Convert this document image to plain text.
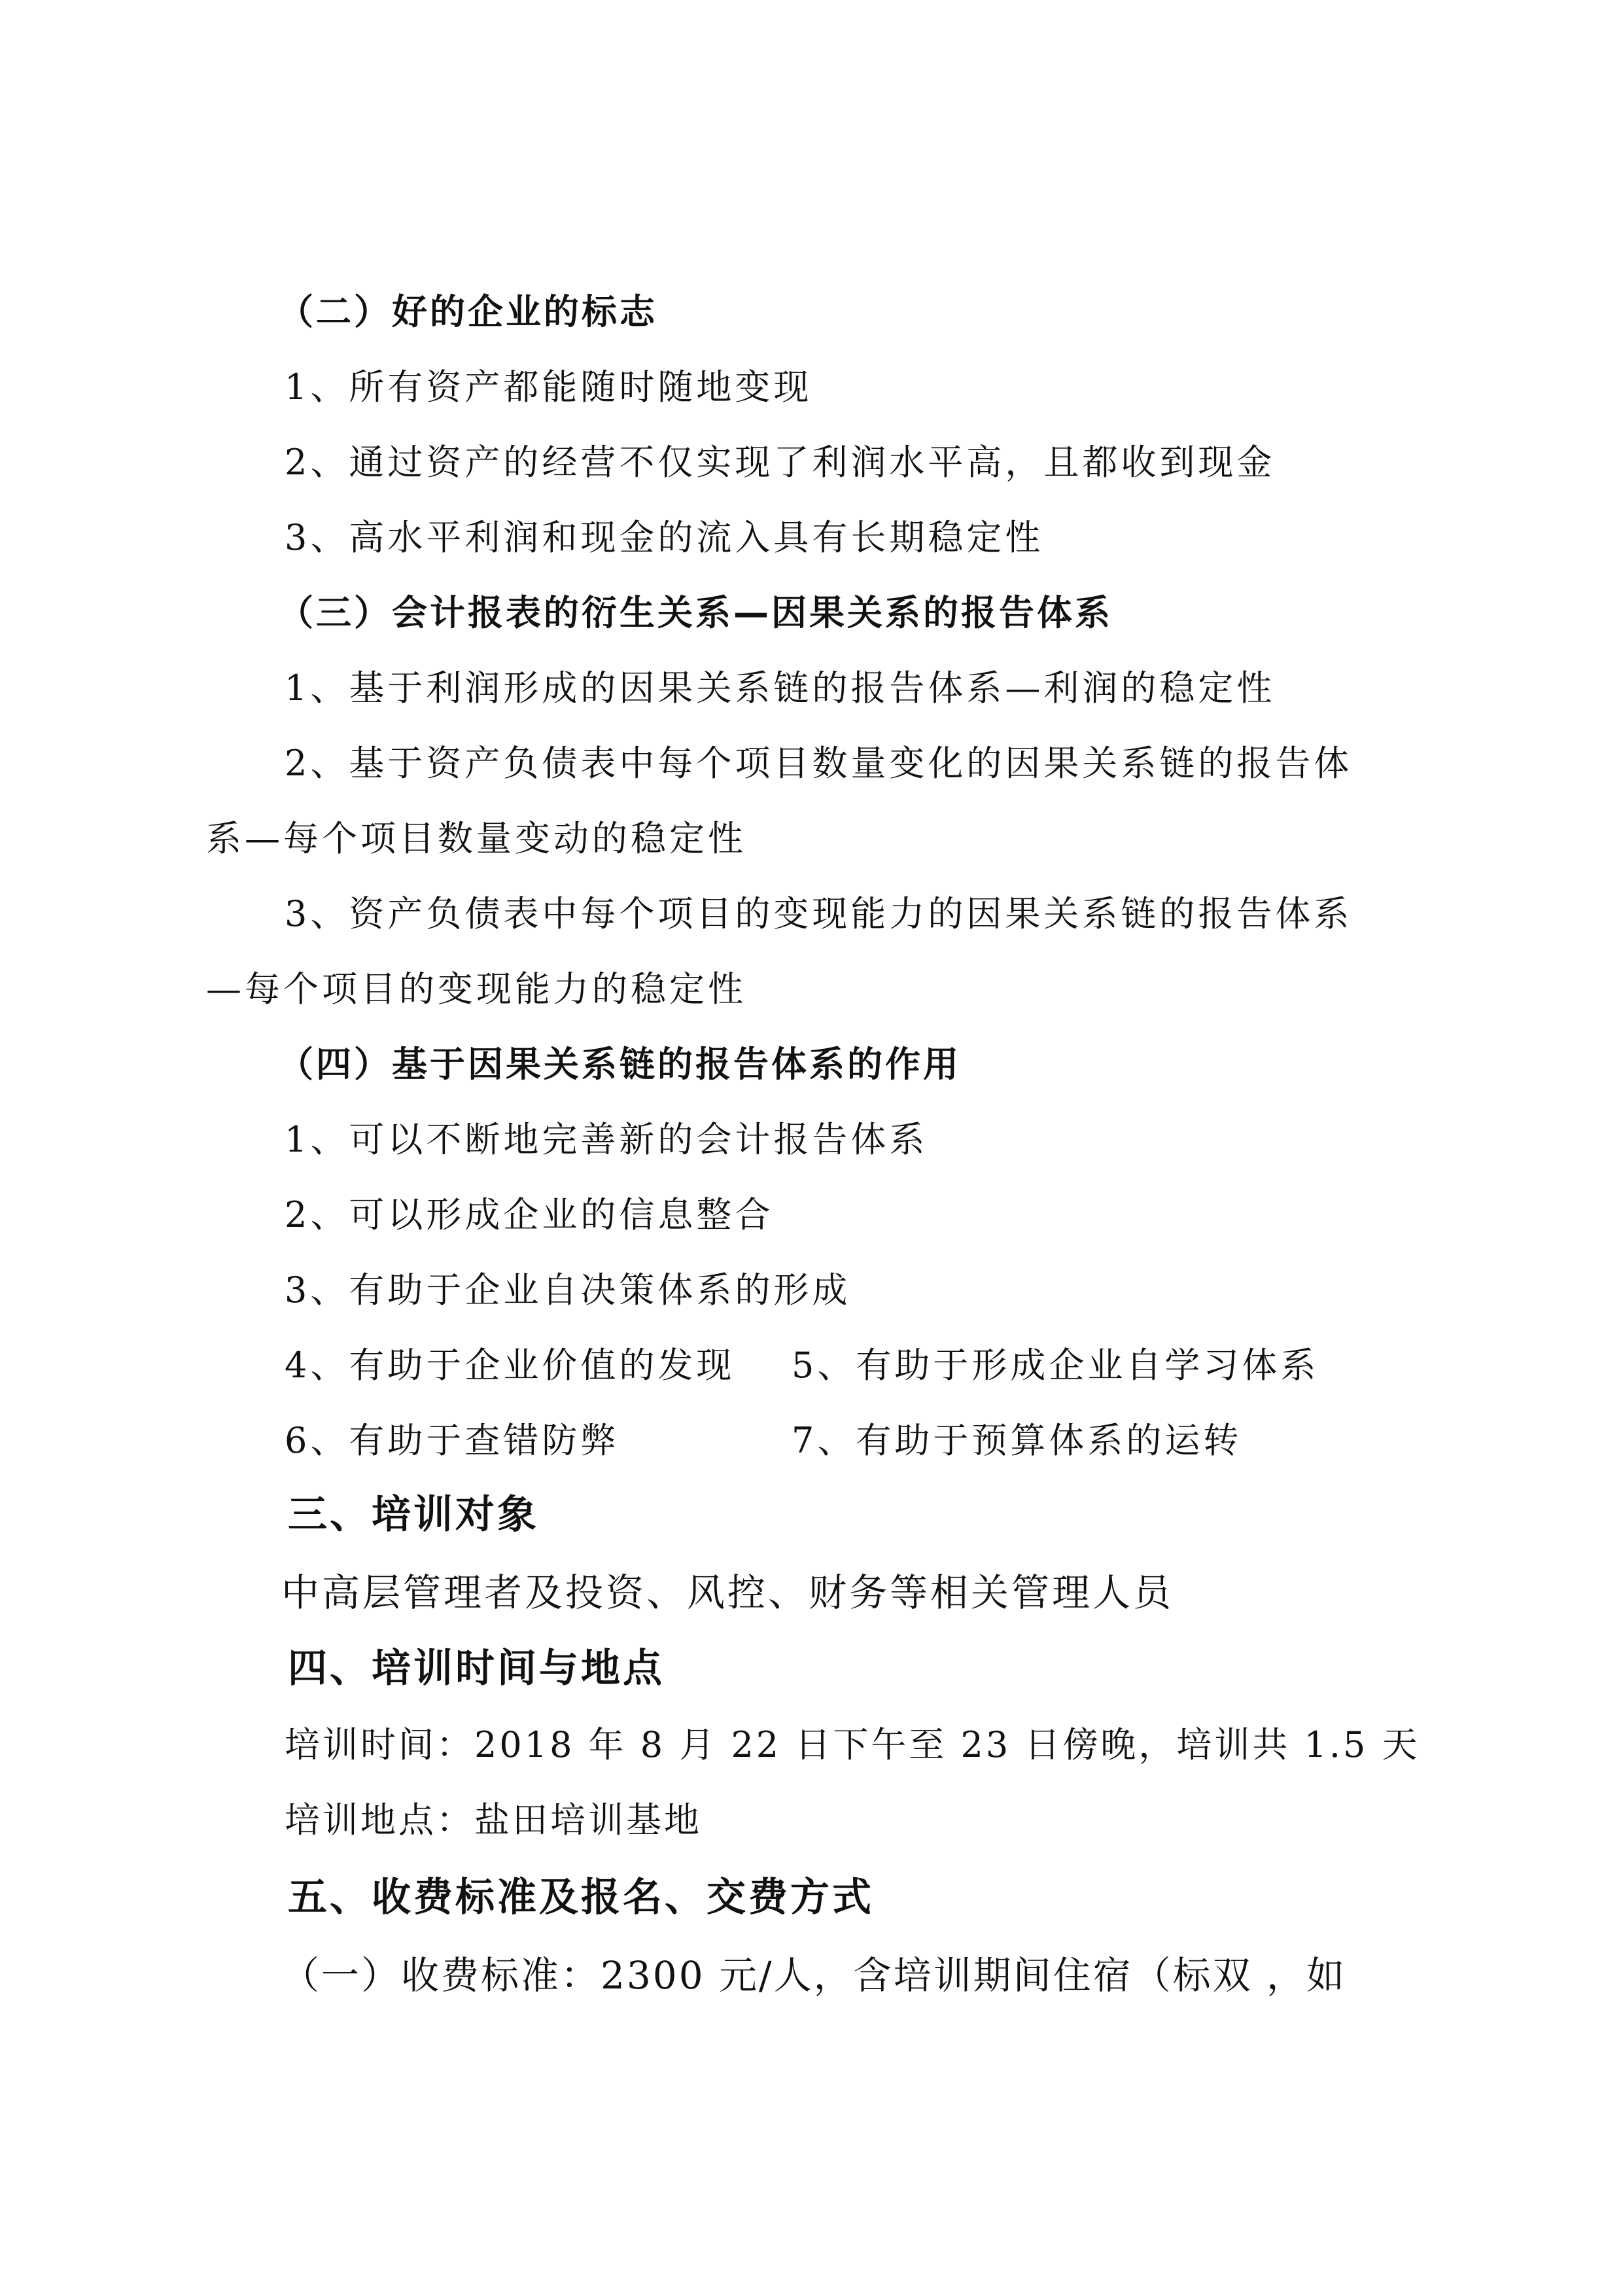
（二）好的企业的标志

1、所有资产都能随时随地变现

2、通过资产的经营不仅实现了利润水平高，且都收到现金

3、高水平利润和现金的流入具有长期稳定性

（三）会计报表的衍生关系—因果关系的报告体系

1、基于利润形成的因果关系链的报告体系—利润的稳定性

2、基于资产负债表中每个项目数量变化的因果关系链的报告体

系—每个项目数量变动的稳定性

3、资产负债表中每个项目的变现能力的因果关系链的报告体系

—每个项目的变现能力的稳定性

（四）基于因果关系链的报告体系的作用

1、可以不断地完善新的会计报告体系

2、可以形成企业的信息整合

3、有助于企业自决策体系的形成

4、有助于企业价值的发现 5、有助于形成企业自学习体系

6、有助于查错防弊	7、有助于预算体系的运转

三、培训对象

中高层管理者及投资、风控、财务等相关管理人员

四、培训时间与地点

培训时间：2018 年 8 月 22 日下午至 23 日傍晚，培训共 1.5 天

培训地点：盐田培训基地

五、收费标准及报名、交费方式

（一）收费标准：2300 元/人，含培训期间住宿（标双 ，如
